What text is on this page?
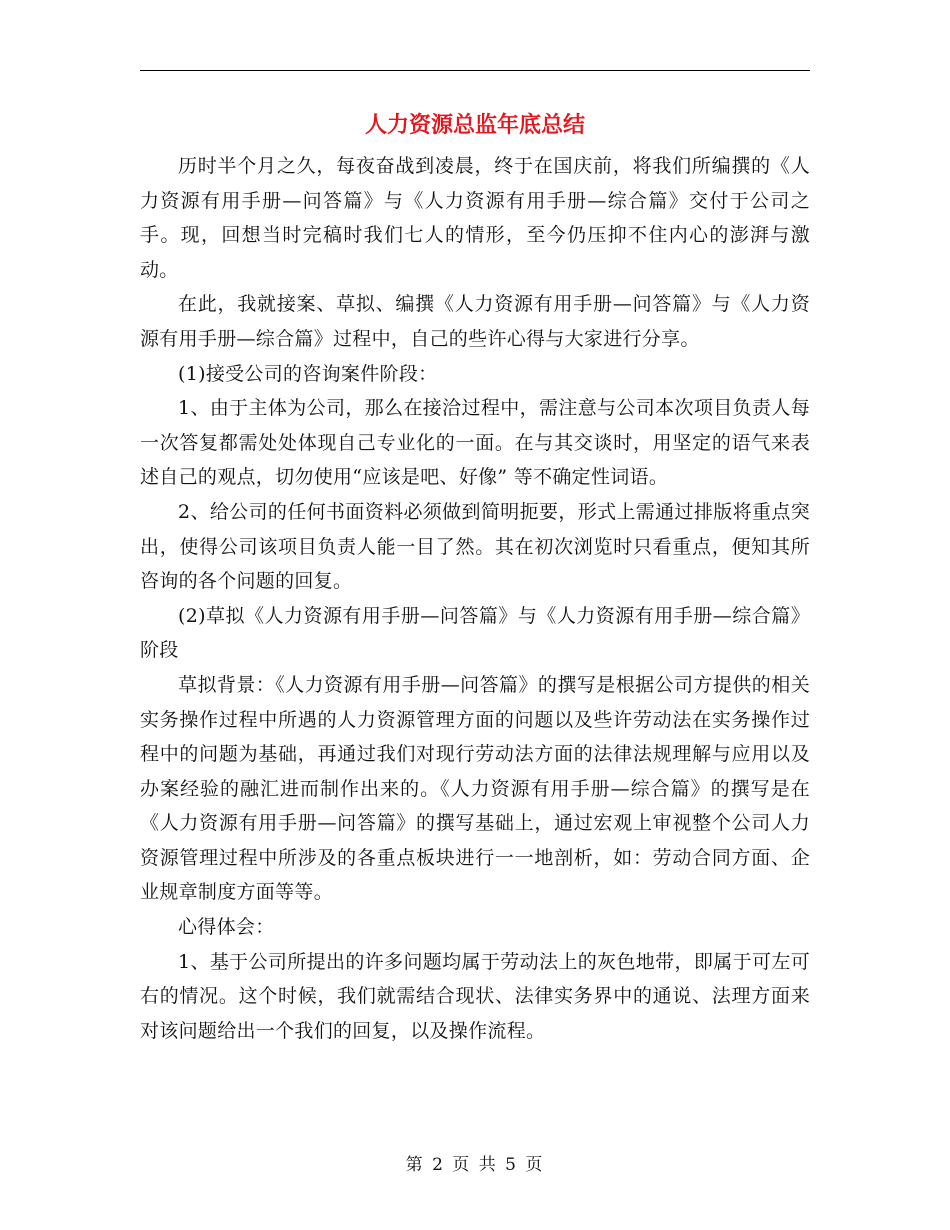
人力资源总监年底总结

历时半个月之久，每夜奋战到凌晨，终于在国庆前，将我们所编撰的《人力资源有用手册—问答篇》与《人力资源有用手册—综合篇》交付于公司之手。现，回想当时完稿时我们七人的情形，至今仍压抑不住内心的澎湃与激动。

在此，我就接案、草拟、编撰《人力资源有用手册—问答篇》与《人力资源有用手册—综合篇》过程中，自己的些许心得与大家进行分享。

(1)接受公司的咨询案件阶段：

1、由于主体为公司，那么在接洽过程中，需注意与公司本次项目负责人每一次答复都需处处体现自己专业化的一面。在与其交谈时，用坚定的语气来表述自己的观点，切勿使用“应该是吧、好像” 等不确定性词语。

2、给公司的任何书面资料必须做到简明扼要，形式上需通过排版将重点突出，使得公司该项目负责人能一目了然。其在初次浏览时只看重点，便知其所咨询的各个问题的回复。

(2)草拟《人力资源有用手册—问答篇》与《人力资源有用手册—综合篇》阶段

草拟背景：《人力资源有用手册—问答篇》的撰写是根据公司方提供的相关实务操作过程中所遇的人力资源管理方面的问题以及些许劳动法在实务操作过程中的问题为基础，再通过我们对现行劳动法方面的法律法规理解与应用以及办案经验的融汇进而制作出来的。《人力资源有用手册—综合篇》的撰写是在《人力资源有用手册—问答篇》的撰写基础上，通过宏观上审视整个公司人力资源管理过程中所涉及的各重点板块进行一一地剖析，如：劳动合同方面、企业规章制度方面等等。

心得体会：

1、基于公司所提出的许多问题均属于劳动法上的灰色地带，即属于可左可右的情况。这个时候，我们就需结合现状、法律实务界中的通说、法理方面来对该问题给出一个我们的回复，以及操作流程。

第 2 页 共 5 页
